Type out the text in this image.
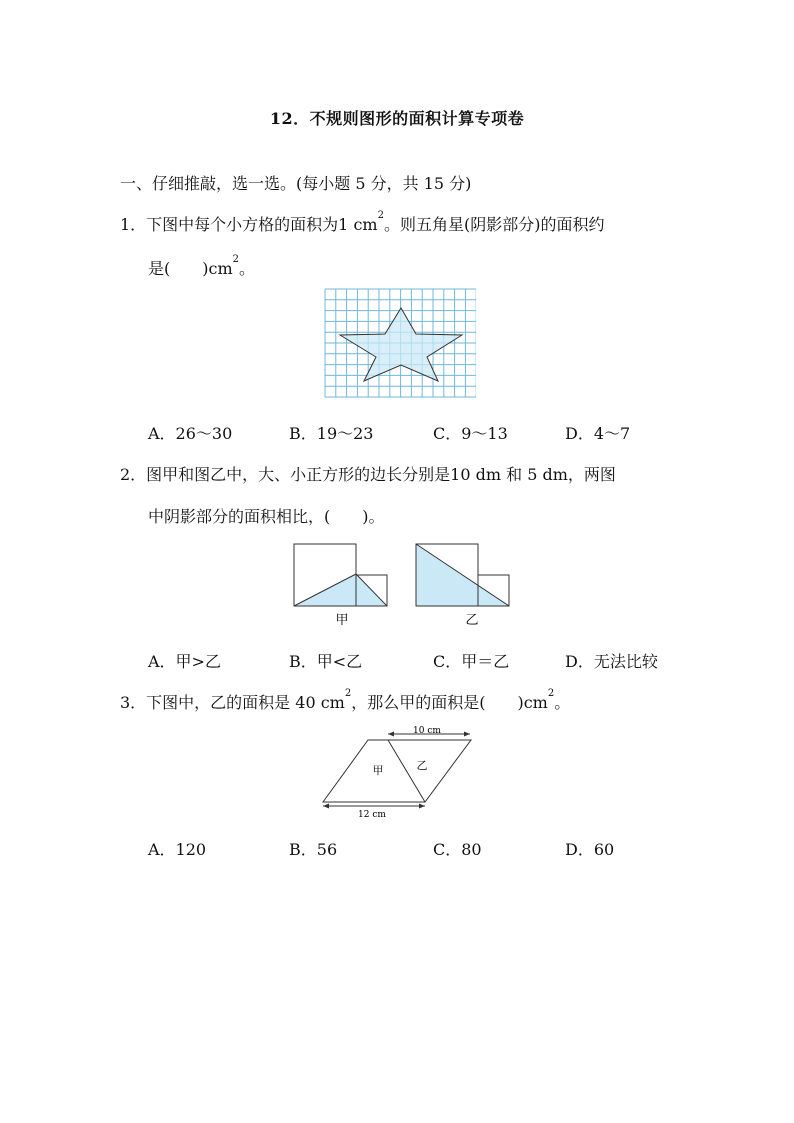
12．不规则图形的面积计算专项卷
一、仔细推敲，选一选。(每小题 5 分，共 15 分)
1．下图中每个小方格的面积为1 $cm^2$。则五角星(阴影部分)的面积约
是(　　)$cm^2$。
A．26～30	B．19～23	C．9～13	D．4～7
2．图甲和图乙中，大、小正方形的边长分别是10 dm 和 5 dm，两图
中阴影部分的面积相比，(　　)。
甲	乙
A．甲>乙	B．甲<乙	C．甲＝乙	D．无法比较
3．下图中，乙的面积是 40 $cm^2$，那么甲的面积是(　　)$cm^2$。
10 cm
甲	乙
12 cm
A．120	B．56	C．80	D．60
